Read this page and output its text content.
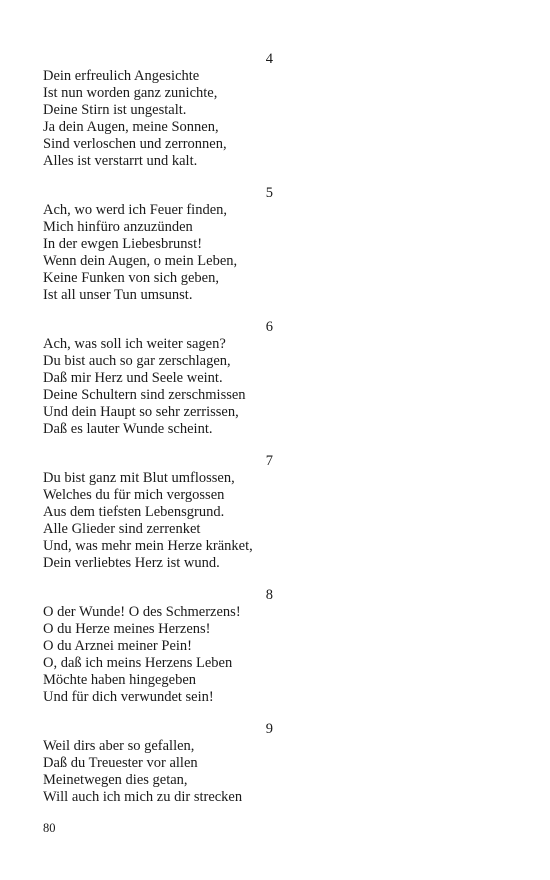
4
Dein erfreulich Angesichte
Ist nun worden ganz zunichte,
Deine Stirn ist ungestalt.
Ja dein Augen, meine Sonnen,
Sind verloschen und zerronnen,
Alles ist verstarrt und kalt.
5
Ach, wo werd ich Feuer finden,
Mich hinfüro anzuzünden
In der ewgen Liebesbrunst!
Wenn dein Augen, o mein Leben,
Keine Funken von sich geben,
Ist all unser Tun umsunst.
6
Ach, was soll ich weiter sagen?
Du bist auch so gar zerschlagen,
Daß mir Herz und Seele weint.
Deine Schultern sind zerschmissen
Und dein Haupt so sehr zerrissen,
Daß es lauter Wunde scheint.
7
Du bist ganz mit Blut umflossen,
Welches du für mich vergossen
Aus dem tiefsten Lebensgrund.
Alle Glieder sind zerrenket
Und, was mehr mein Herze kränket,
Dein verliebtes Herz ist wund.
8
O der Wunde! O des Schmerzens!
O du Herze meines Herzens!
O du Arznei meiner Pein!
O, daß ich meins Herzens Leben
Möchte haben hingegeben
Und für dich verwundet sein!
9
Weil dirs aber so gefallen,
Daß du Treuester vor allen
Meinetwegen dies getan,
Will auch ich mich zu dir strecken
80
